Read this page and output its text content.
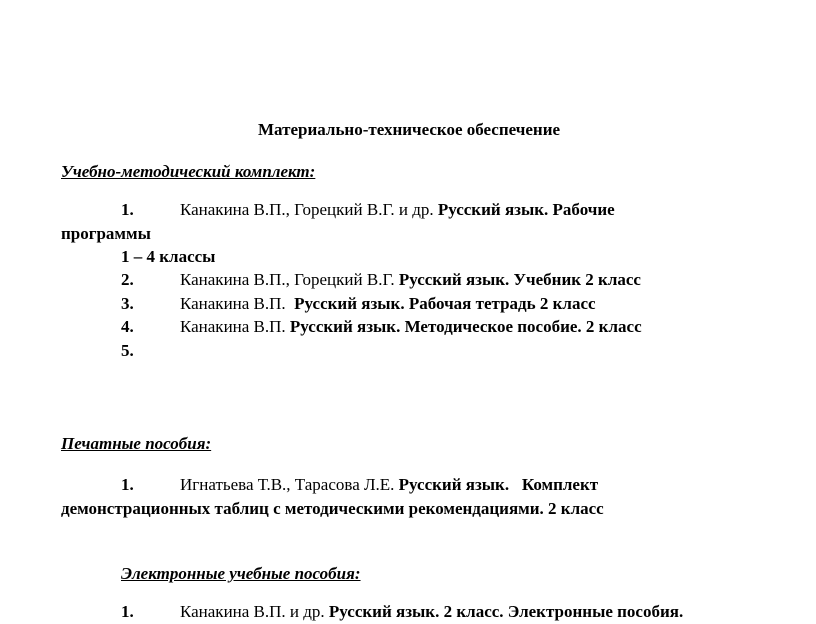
Материально-техническое обеспечение
Учебно-методический комплект:
1.	Канакина В.П., Горецкий В.Г. и др. Русский язык. Рабочие
программы
1 – 4 классы
2.	Канакина В.П., Горецкий В.Г. Русский язык. Учебник 2 класс
3.	Канакина В.П. Русский язык. Рабочая тетрадь 2 класс
4.	Канакина В.П. Русский язык. Методическое пособие. 2 класс
5.
Печатные пособия:
1.	Игнатьева Т.В., Тарасова Л.Е. Русский язык.   Комплект
демонстрационных таблиц с методическими рекомендациями. 2 класс
Электронные учебные пособия:
1.	Канакина В.П. и др. Русский язык. 2 класс. Электронные пособия.
